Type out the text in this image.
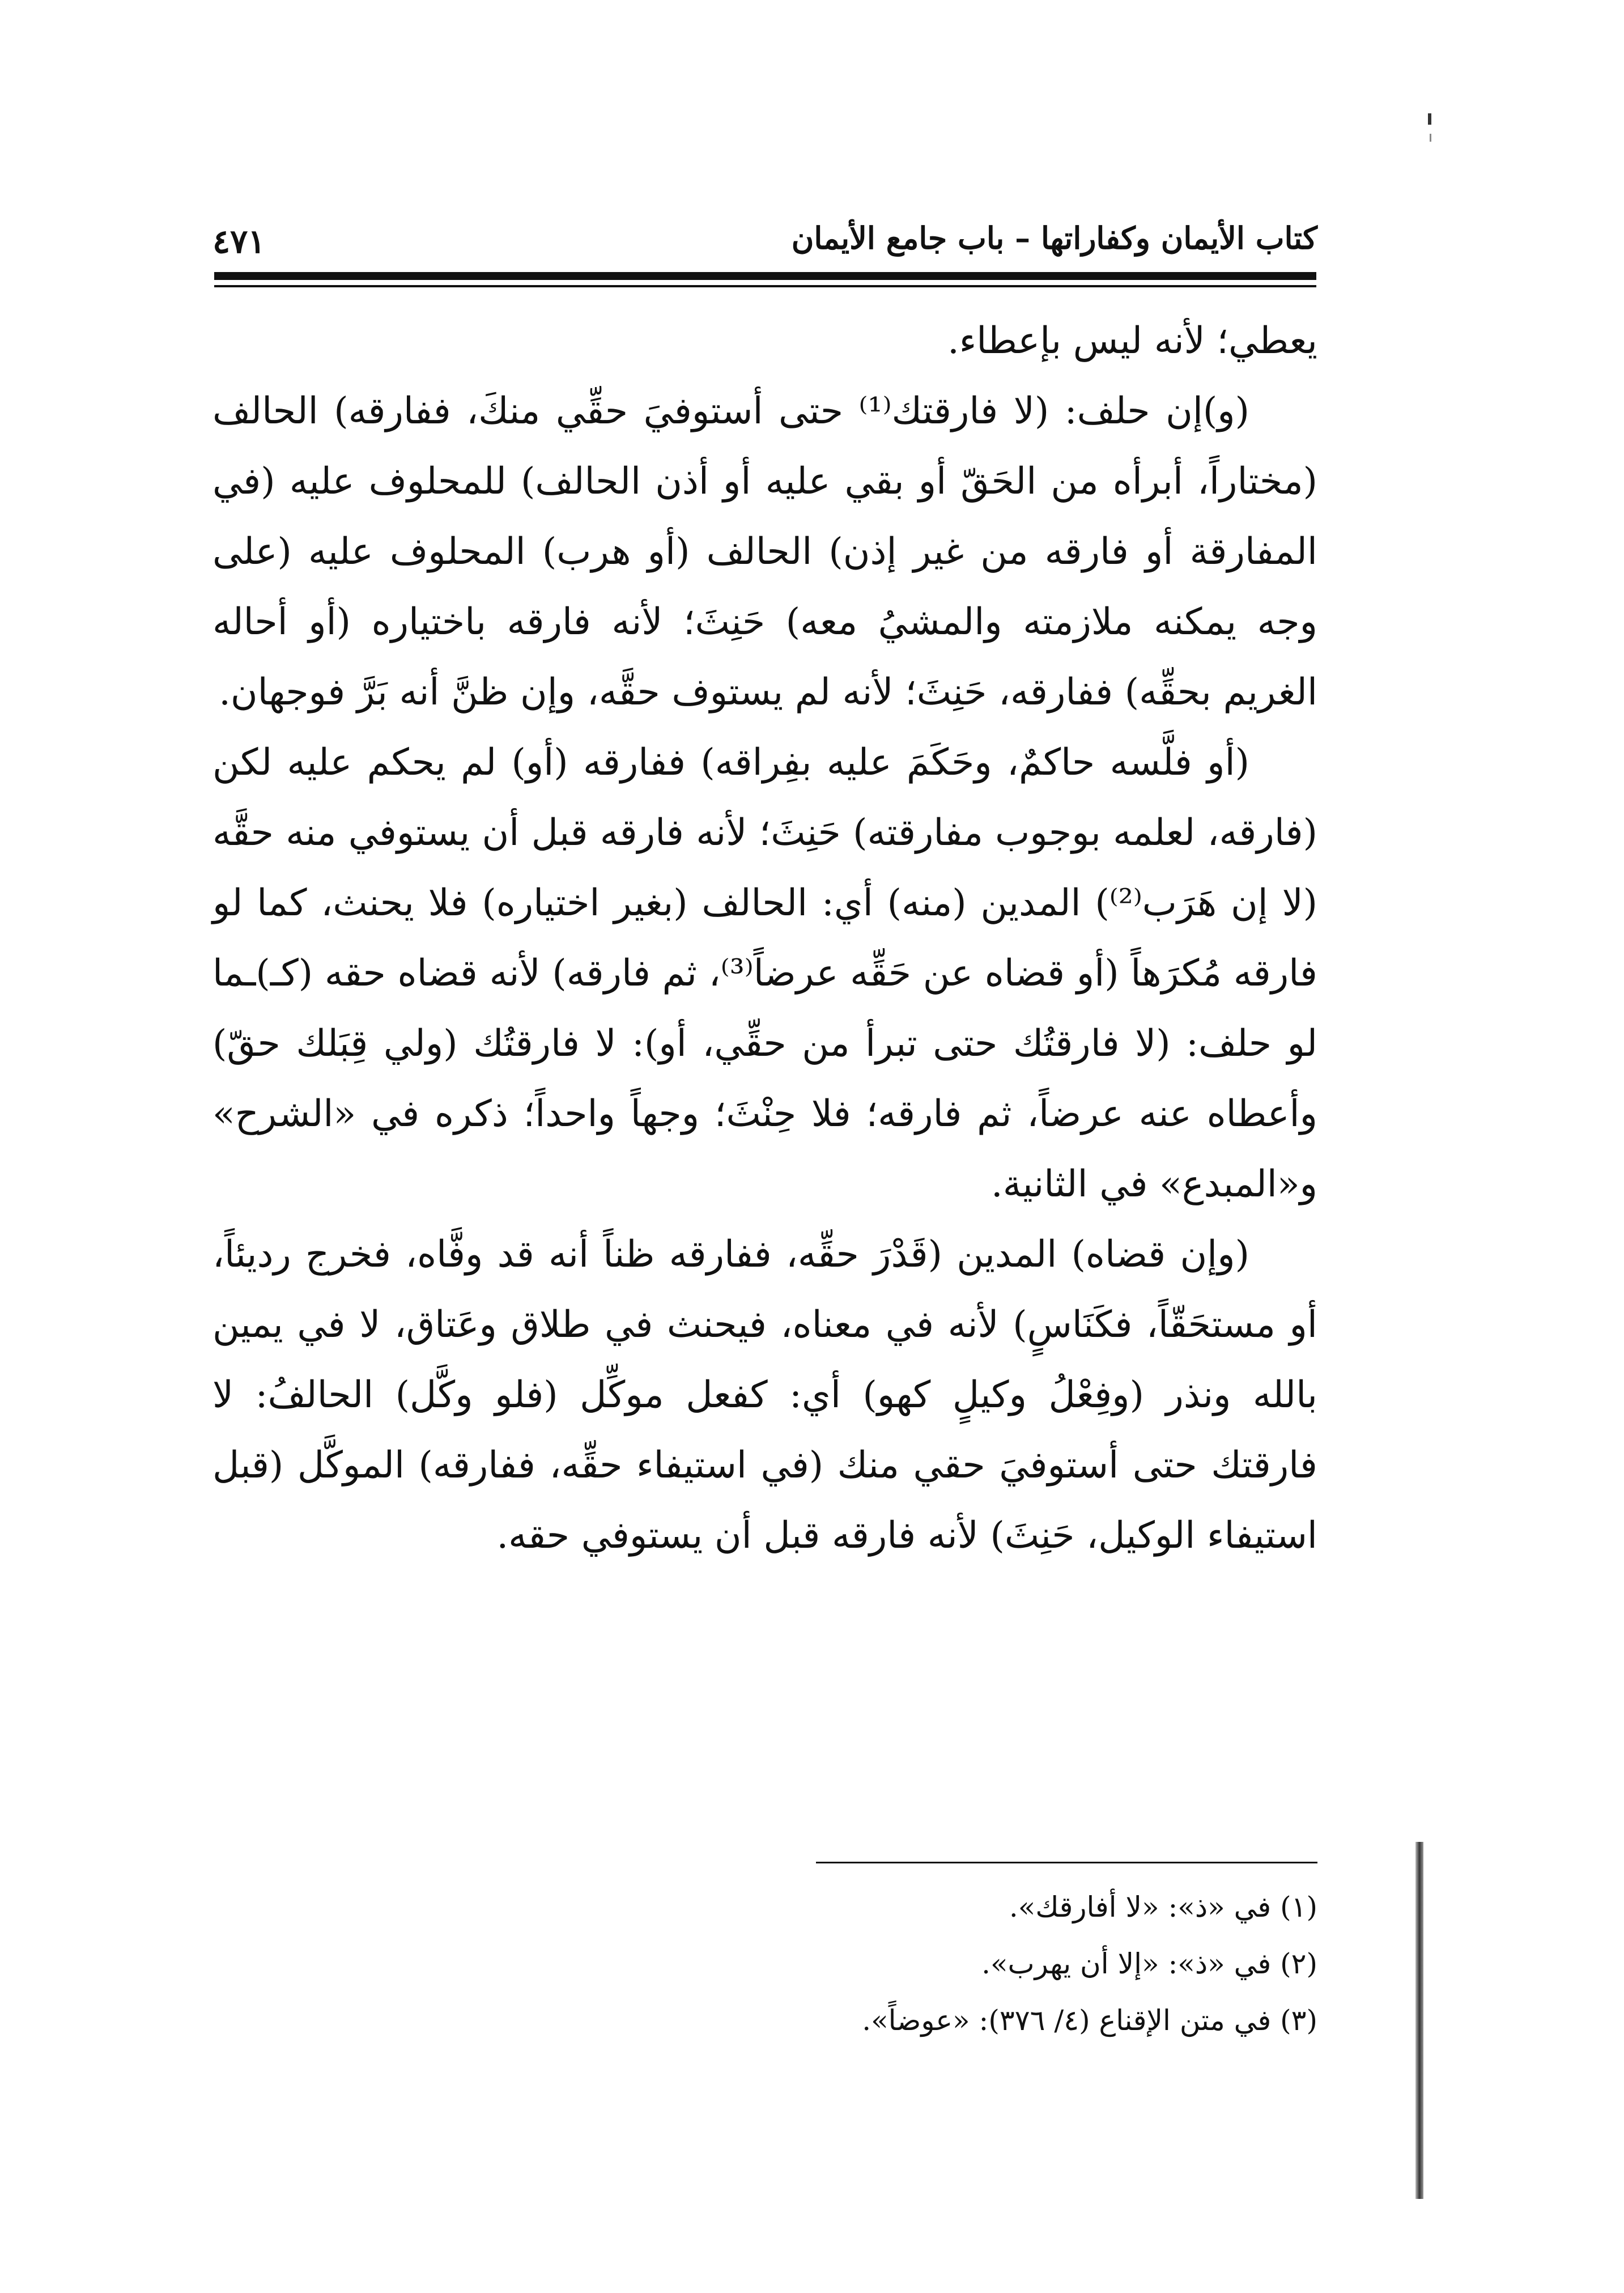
كتاب الأيمان وكفاراتها – باب جامع الأيمان
٤٧١

يعطي؛ لأنه ليس بإعطاء.

(و)إن حلف: (لا فارقتك⁽¹⁾ حتى أستوفيَ حقِّي منكَ، ففارقه) الحالف (مختاراً، أبرأه من الحَقّ أو بقي عليه أو أذن الحالف) للمحلوف عليه (في المفارقة أو فارقه من غير إذن) الحالف (أو هرب) المحلوف عليه (على وجه يمكنه ملازمته والمشيُ معه) حَنِثَ؛ لأنه فارقه باختياره (أو أحاله الغريم بحقِّه) ففارقه، حَنِثَ؛ لأنه لم يستوف حقَّه، وإن ظنَّ أنه بَرَّ فوجهان.

(أو فلَّسه حاكمٌ، وحَكَمَ عليه بفِراقه) ففارقه (أو) لم يحكم عليه لكن (فارقه، لعلمه بوجوب مفارقته) حَنِثَ؛ لأنه فارقه قبل أن يستوفي منه حقَّه (لا إن هَرَب⁽²⁾) المدين (منه) أي: الحالف (بغير اختياره) فلا يحنث، كما لو فارقه مُكرَهاً (أو قضاه عن حَقِّه عرضاً⁽³⁾، ثم فارقه) لأنه قضاه حقه (كـ)ـما لو حلف: (لا فارقتُك حتى تبرأ من حقِّي، أو): لا فارقتُك (ولي قِبَلك حقّ) وأعطاه عنه عرضاً، ثم فارقه؛ فلا حِنْثَ؛ وجهاً واحداً؛ ذكره في «الشرح» و«المبدع» في الثانية.

(وإن قضاه) المدين (قَدْرَ حقِّه، ففارقه ظناً أنه قد وفَّاه، فخرج رديئاً، أو مستحَقّاً، فكَنَاسٍ) لأنه في معناه، فيحنث في طلاق وعَتاق، لا في يمين بالله ونذر (وفِعْلُ وكيلٍ كهو) أي: كفعل موكِّل (فلو وكَّل) الحالفُ: لا فارقتك حتى أستوفيَ حقي منك (في استيفاء حقِّه، ففارقه) الموكَّل (قبل استيفاء الوكيل، حَنِثَ) لأنه فارقه قبل أن يستوفي حقه.

(١) في «ذ»: «لا أفارقك».
(٢) في «ذ»: «إلا أن يهرب».
(٣) في متن الإقناع (٤/ ٣٧٦): «عوضاً».
